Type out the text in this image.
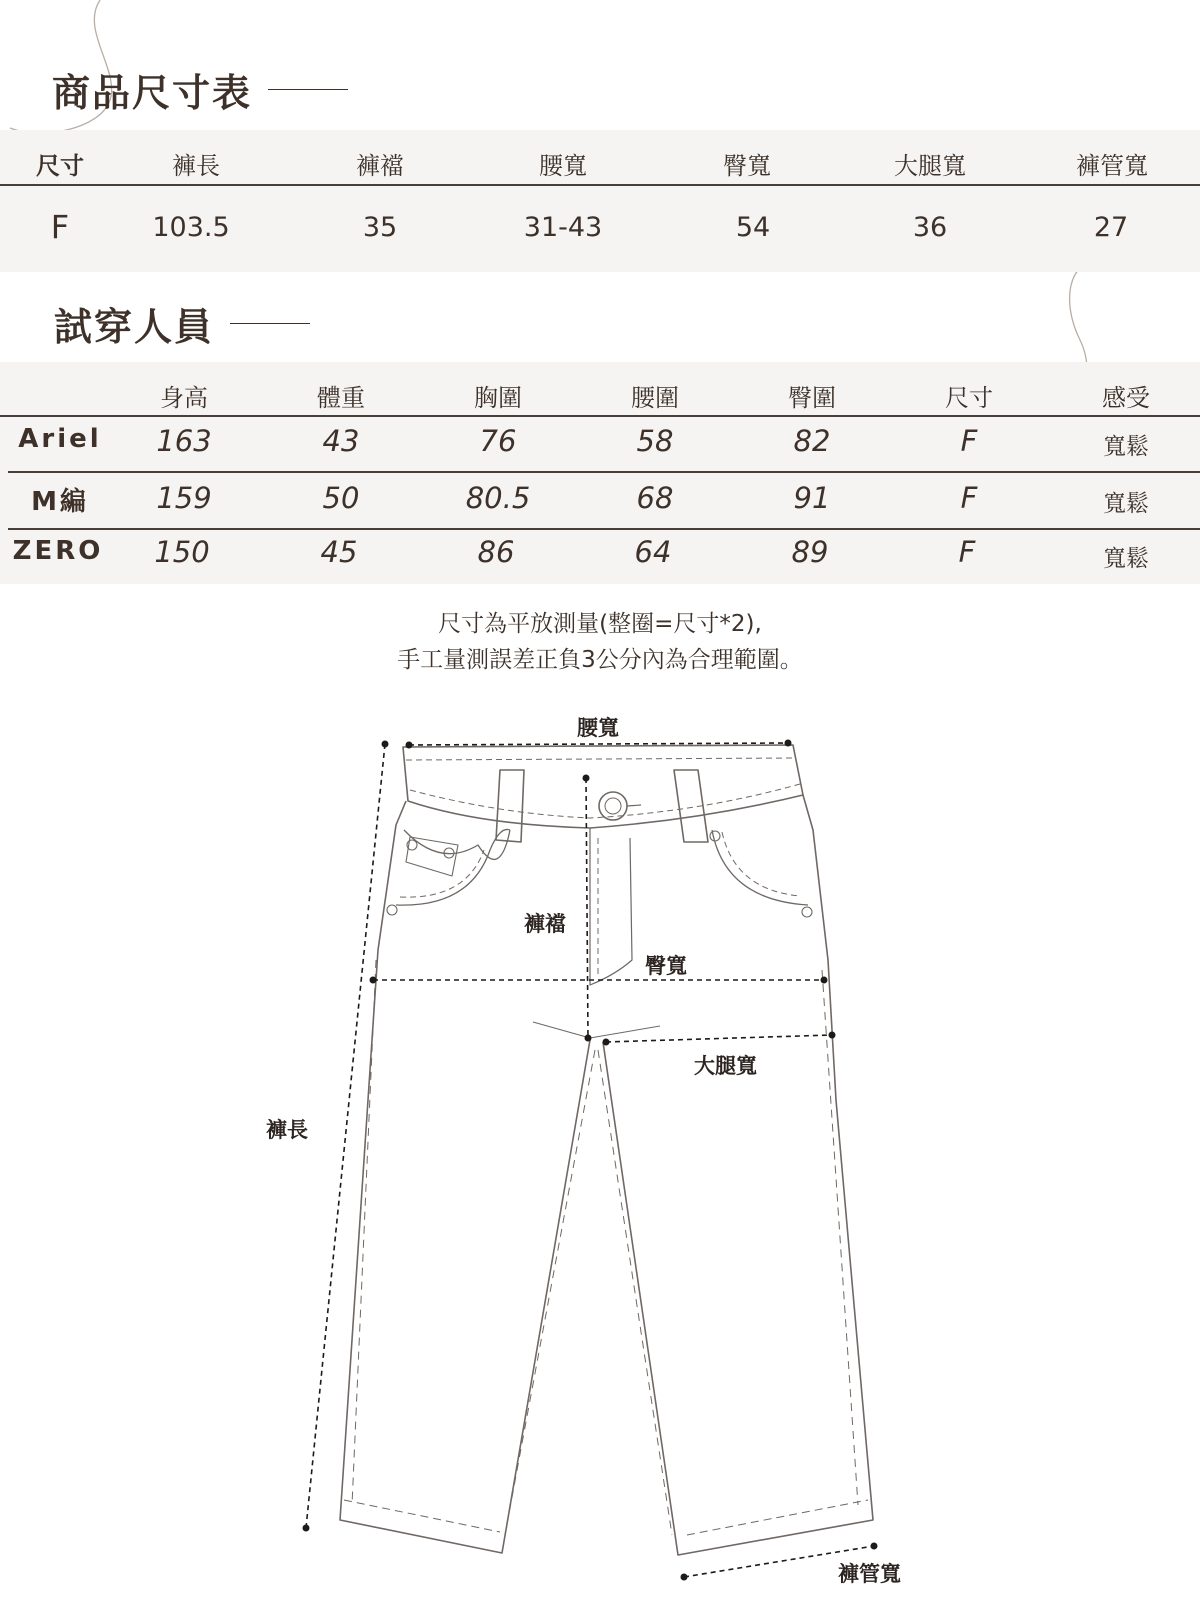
商品尺寸表
尺寸	褲長	褲襠	腰寬	臀寬	大腿寬	褲管寬
F	103.5	35	31-43	54	36	27
試穿人員
身高	體重	胸圍	腰圍	臀圍	尺寸	感受
Ariel 163	43	76	58	82	F	寬鬆
M編 159	50	80.5	68	91	F	寬鬆
ZERO 150	45	86	64	89	F	寬鬆
尺寸為平放測量(整圈=尺寸*2),
手工量測誤差正負3公分內為合理範圍。
腰寬
褲襠
臀寬
大腿寬
褲長
褲管寬
